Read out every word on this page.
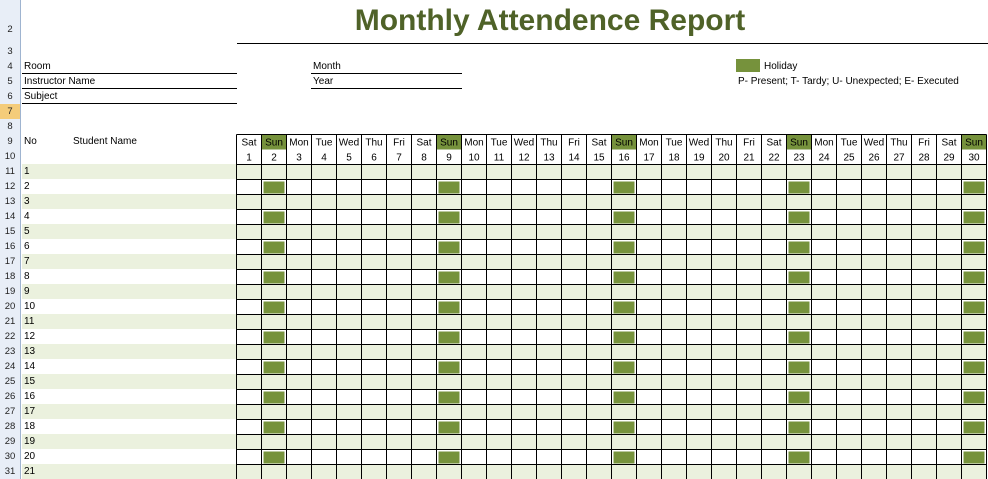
2
3
4
5
6
7
8
9
10
11
12
13
14
15
16
17
18
19
20
21
22
23
24
25
26
27
28
29
30
31
Monthly Attendence Report
Room
Instructor Name
Subject
Month
Year
Holiday
P- Present; T- Tardy; U- Unexpected; E- Executed
No	Student Name
1
2
3
4
5
6
7
8
9
10
11
12
13
14
15
16
17
18
19
20
21
Sat
1
Sun
2
Mon
3
Tue
4
Wed
5
Thu
6
Fri
7
Sat
8
Sun
9
Mon
10
Tue
11
Wed
12
Thu
13
Fri
14
Sat
15
Sun
16
Mon
17
Tue
18
Wed
19
Thu
20
Fri
21
Sat
22
Sun
23
Mon
24
Tue
25
Wed
26
Thu
27
Fri
28
Sat
29
Sun
30
